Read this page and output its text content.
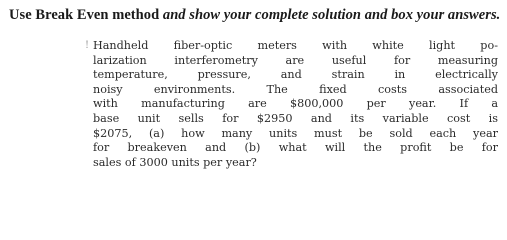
Use Break Even method and show your complete solution and box your answers.
! Handheld fiber-optic meters with white light po-
larization interferometry are useful for measuring
temperature, pressure, and strain in electrically
noisy environments. The fixed costs associated
with manufacturing are $800,000 per year. If a
base unit sells for $2950 and its variable cost is
$2075, (a) how many units must be sold each year
for breakeven and (b) what will the profit be for
sales of 3000 units per year?
